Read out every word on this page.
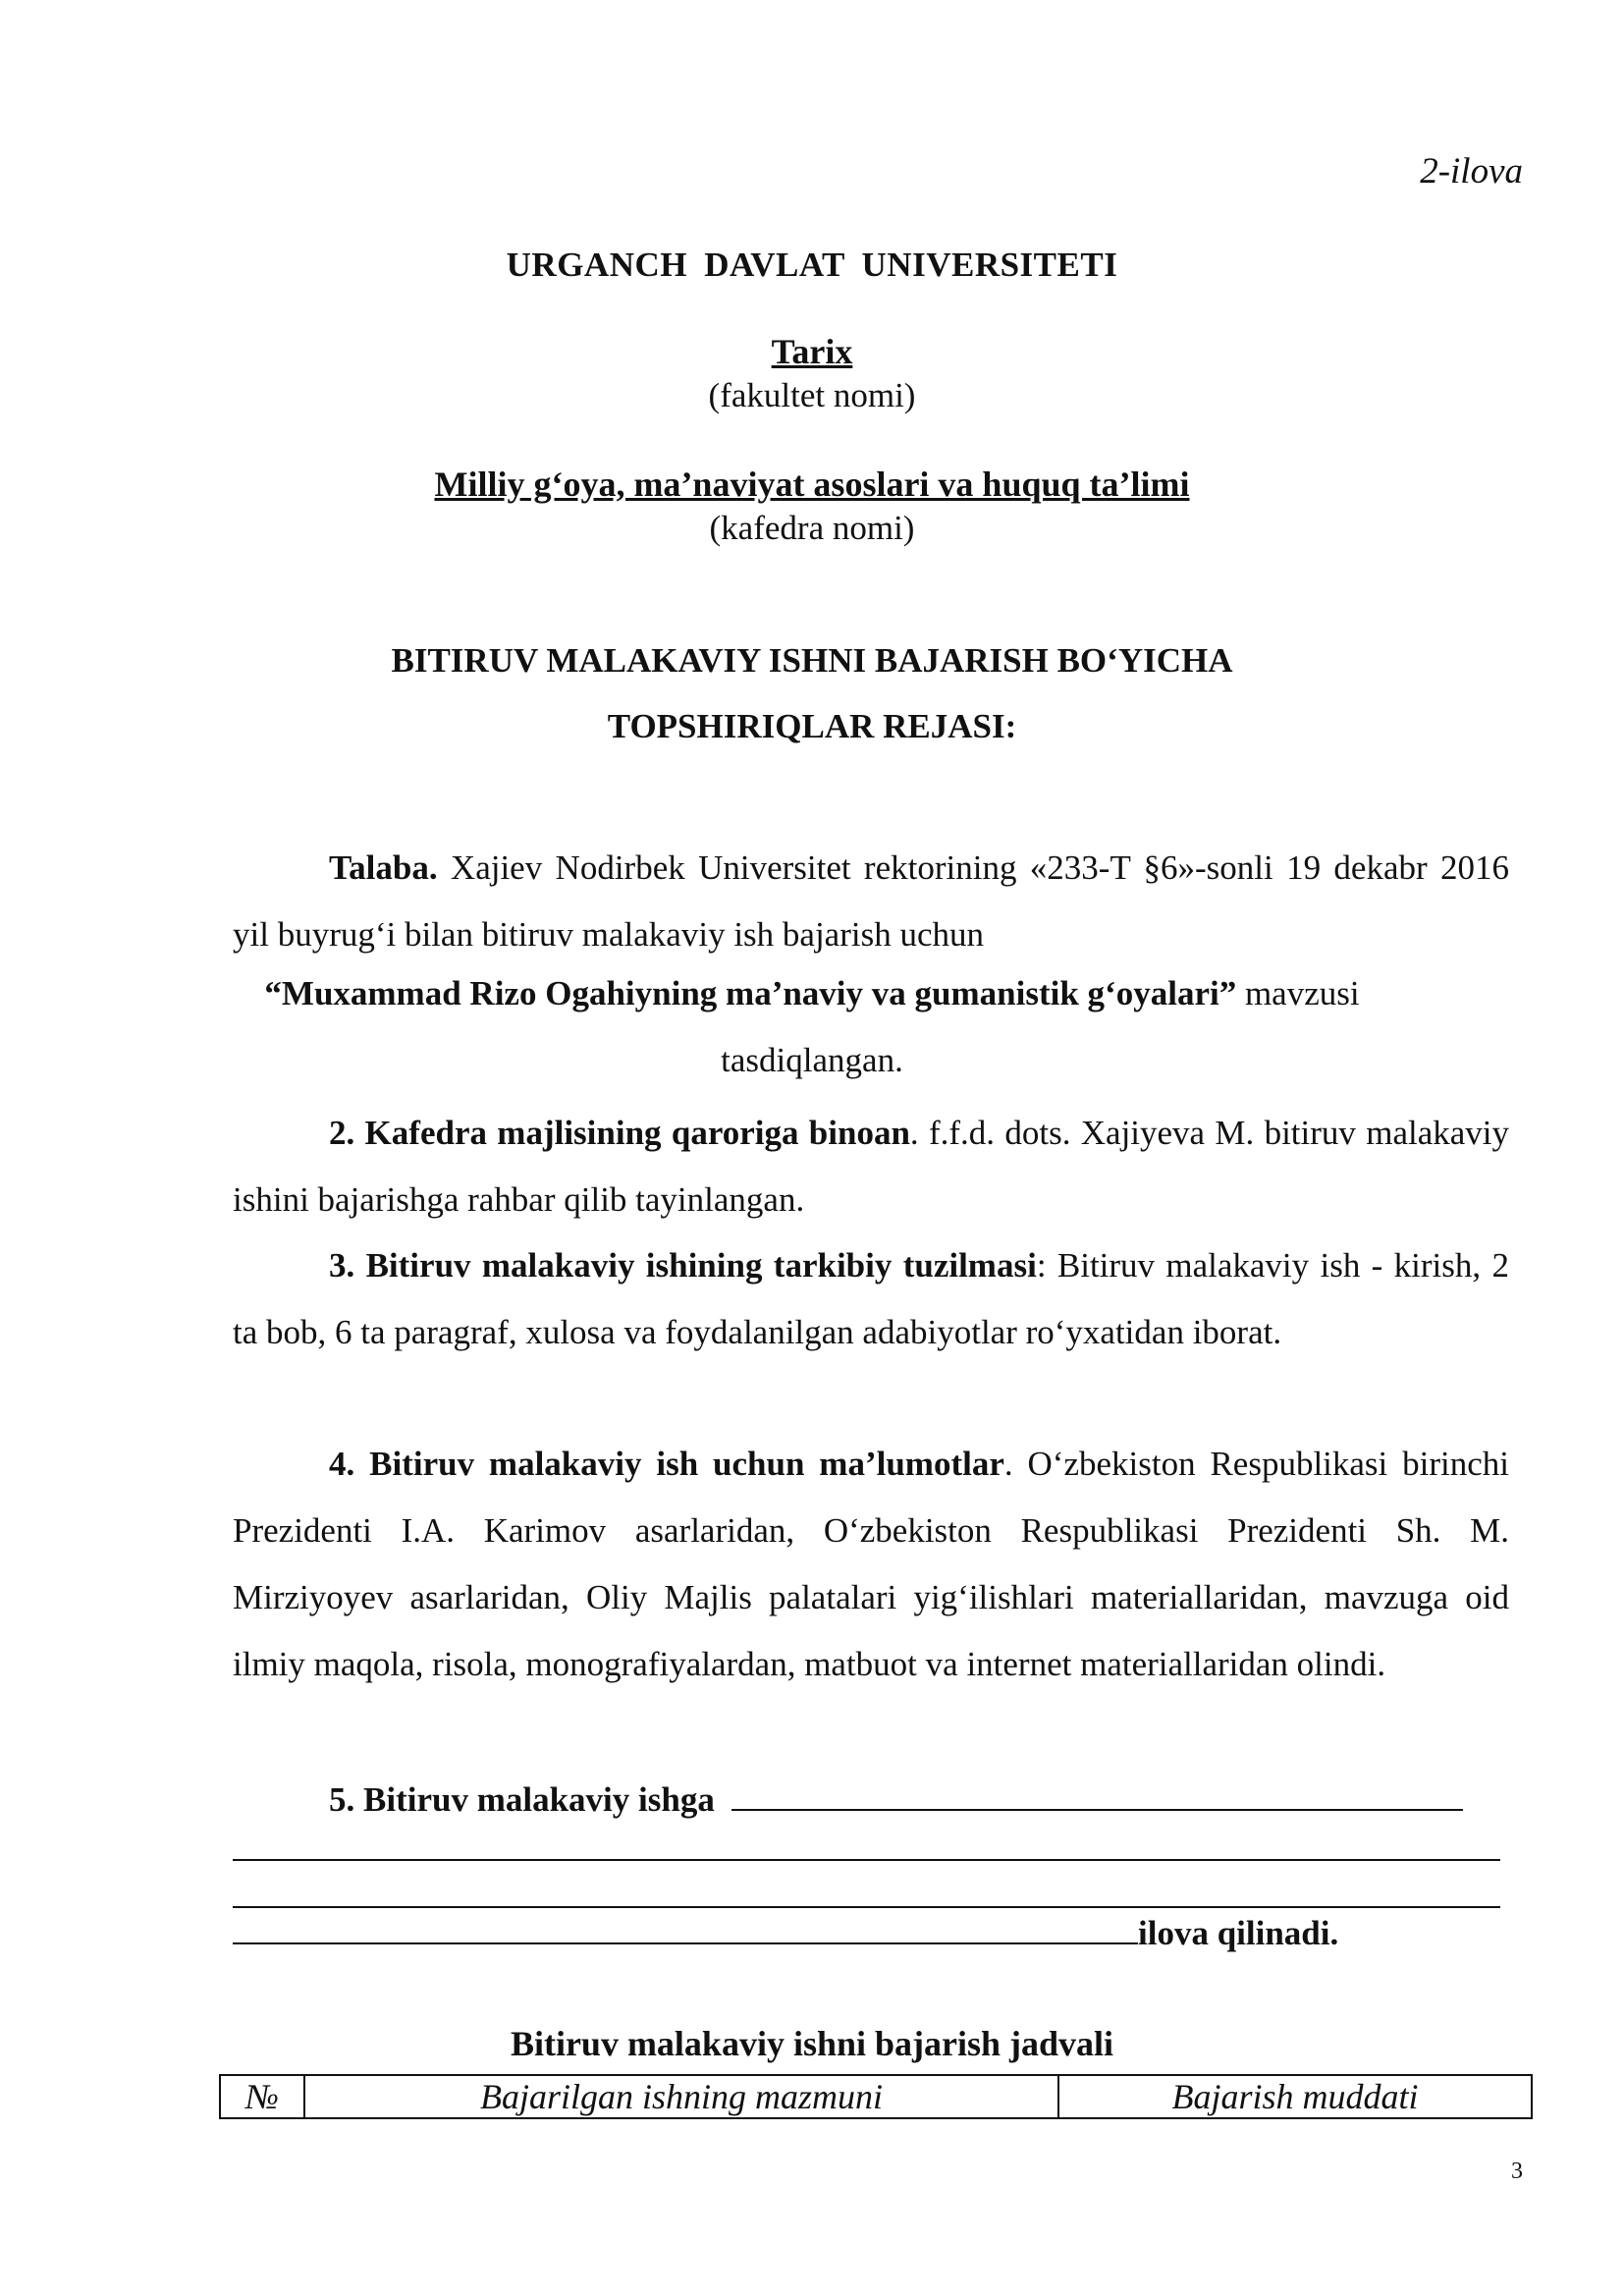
2-ilova
URGANCH DAVLAT UNIVERSITETI
Tarix
(fakultet nomi)
Milliy g‘oya, ma’naviyat asoslari va huquq ta’limi
(kafedra nomi)
BITIRUV MALAKAVIY ISHNI BAJARISH BO‘YICHA
TOPSHIRIQLAR REJASI:
Talaba. Xajiev Nodirbek Universitet rektorining «233-T §6»-sonli 19 dekabr 2016 yil buyrug‘i bilan bitiruv malakaviy ish bajarish uchun
“Muxammad Rizo Ogahiyning ma’naviy va gumanistik g‘oyalari” mavzusi
tasdiqlangan.
2. Kafedra majlisining qaroriga binoan. f.f.d. dots. Xajiyeva M. bitiruv malakaviy ishini bajarishga rahbar qilib tayinlangan.
3. Bitiruv malakaviy ishining tarkibiy tuzilmasi: Bitiruv malakaviy ish - kirish, 2 ta bob, 6 ta paragraf, xulosa va foydalanilgan adabiyotlar ro‘yxatidan iborat.
4. Bitiruv malakaviy ish uchun ma’lumotlar. O‘zbekiston Respublikasi birinchi Prezidenti I.A. Karimov asarlaridan, O‘zbekiston Respublikasi Prezidenti Sh. M. Mirziyoyev asarlaridan, Oliy Majlis palatalari yig‘ilishlari materiallaridan, mavzuga oid ilmiy maqola, risola, monografiyalardan, matbuot va internet materiallaridan olindi.
5. Bitiruv malakaviy ishga
ilova qilinadi.
Bitiruv malakaviy ishni bajarish jadvali
№	Bajarilgan ishning mazmuni	Bajarish muddati
3
